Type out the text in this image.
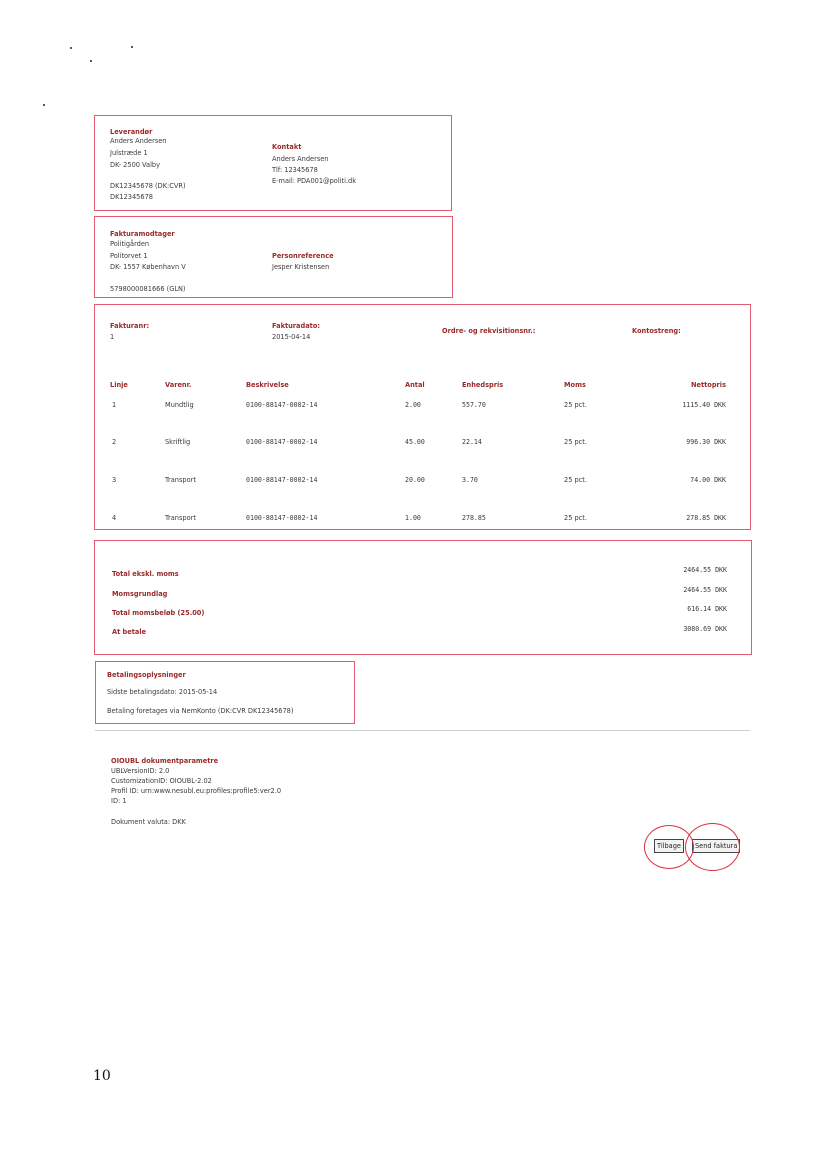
Leverandør
Anders Andersen
Julstræde 1
DK- 2500 Valby
DK12345678 (DK:CVR)
DK12345678
Kontakt
Anders Andersen
Tlf: 12345678
E-mail: PDA001@politi.dk
Fakturamodtager
Politigården
Politorvet 1
DK- 1557 København V
5798000081666 (GLN)
Personreference
Jesper Kristensen
Fakturanr:
1
Fakturadato:
2015-04-14
Ordre- og rekvisitionsnr.:	Kontostreng:
Linje	Varenr.	Beskrivelse	Antal	Enhedspris	Moms	Nettopris
1	Mundtlig	0100-88147-0002-14	2.00	557.70	25 pct.	1115.40 DKK
2	Skriftlig	0100-88147-0002-14	45.00	22.14	25 pct.	996.30 DKK
3	Transport	0100-88147-0002-14	20.00	3.70	25 pct.	74.00 DKK
4	Transport	0100-88147-0002-14	1.00	278.85	25 pct.	278.85 DKK
Total ekskl. moms	2464.55 DKK
Momsgrundlag	2464.55 DKK
Total momsbeløb (25.00)	616.14 DKK
At betale	3080.69 DKK
Betalingsoplysninger
Sidste betalingsdato: 2015-05-14
Betaling foretages via NemKonto (DK:CVR DK12345678)
OIOUBL dokumentparametre
UBLVersionID: 2.0
CustomizationID: OIOUBL-2.02
Profil ID: urn:www.nesubl.eu:profiles:profile5:ver2.0
ID: 1
Dokument valuta: DKK
Tilbage	Send faktura
10
